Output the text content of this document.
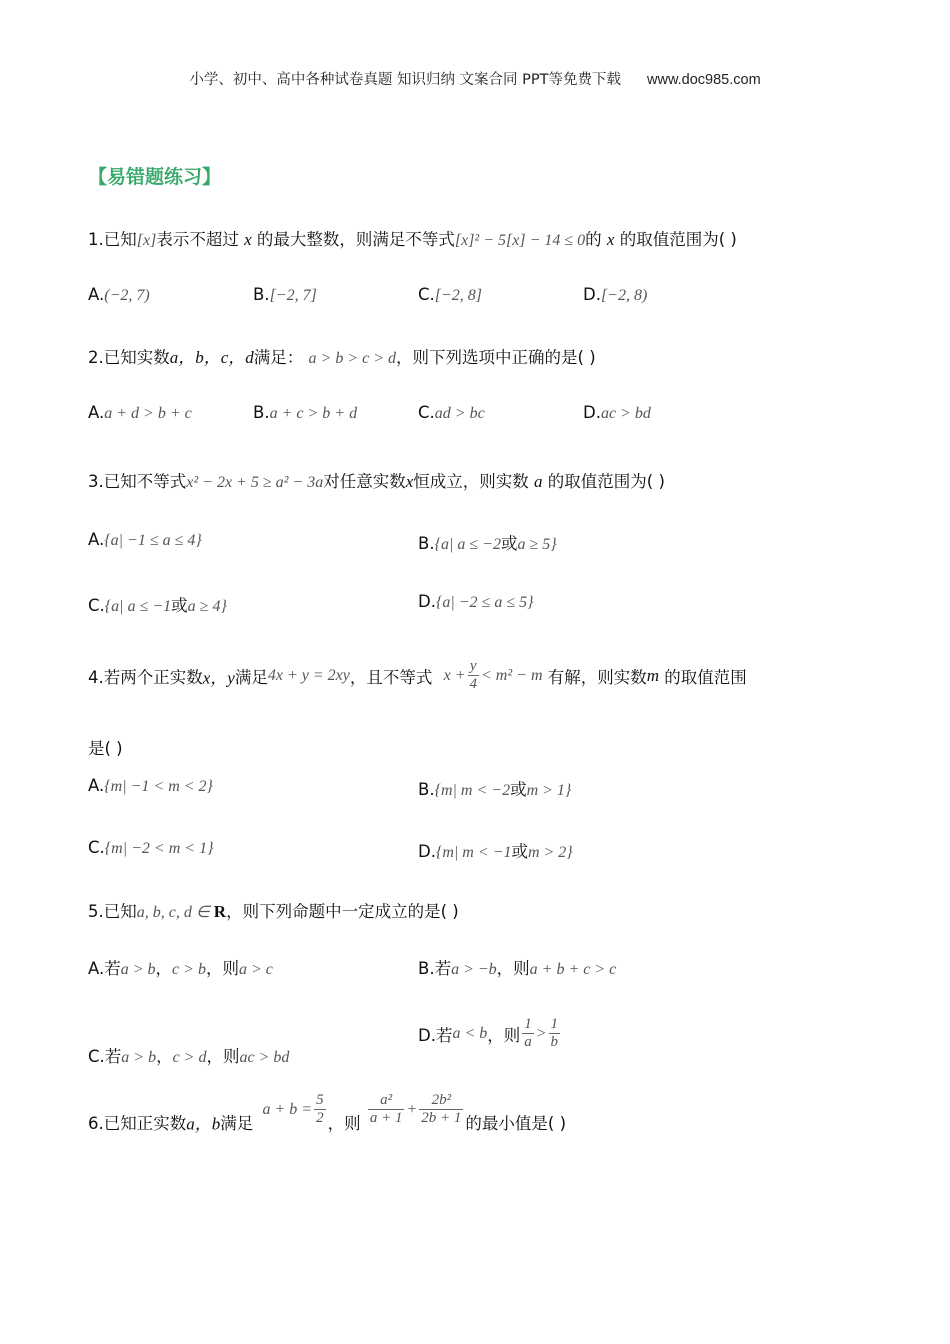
小学、初中、高中各种试卷真题 知识归纳 文案合同 PPT等免费下载 www.doc985.com
【易错题练习】
1.已知[x]表示不超过 x 的最大整数，则满足不等式[x]² − 5[x] − 14 ≤ 0的 x 的取值范围为( )
A.(−2, 7)	B.[−2, 7]	C.[−2, 8]	D.[−2, 8)
2.已知实数a，b，c，d满足： a > b > c > d，则下列选项中正确的是( )
A.a + d > b + c	B.a + c > b + d	C.ad > bc	D.ac > bd
3.已知不等式x² − 2x + 5 ≥ a² − 3a对任意实数x恒成立，则实数 a 的取值范围为( )
A.{a| −1 ≤ a ≤ 4}	B.{a| a ≤ −2或a ≥ 5}
C.{a| a ≤ −1或a ≥ 4}	D.{a| −2 ≤ a ≤ 5}
4.若两个正实数x，y满足4x + y = 2xy，且不等式 $x + \frac{y}{4} < m^2 - m$ 有解，则实数m 的取值范围
是( )
A.{m| −1 < m < 2}	B.{m| m < −2或m > 1}
C.{m| −2 < m < 1}	D.{m| m < −1或m > 2}
5.已知a, b, c, d ∈ R，则下列命题中一定成立的是( )
A.若a > b，c > b，则a > c	B.若a > −b，则a + b + c > c
C.若a > b，c > d，则ac > bd
D.若a < b，则 $\frac{1}{a} > \frac{1}{b}$
6.已知正实数a，b满足 $a + b = \frac{5}{2}$ ，则 $\frac{\text{a²}}{a + 1} + \frac{\text{2b²}}{2b + 1}$ 的最小值是( )
